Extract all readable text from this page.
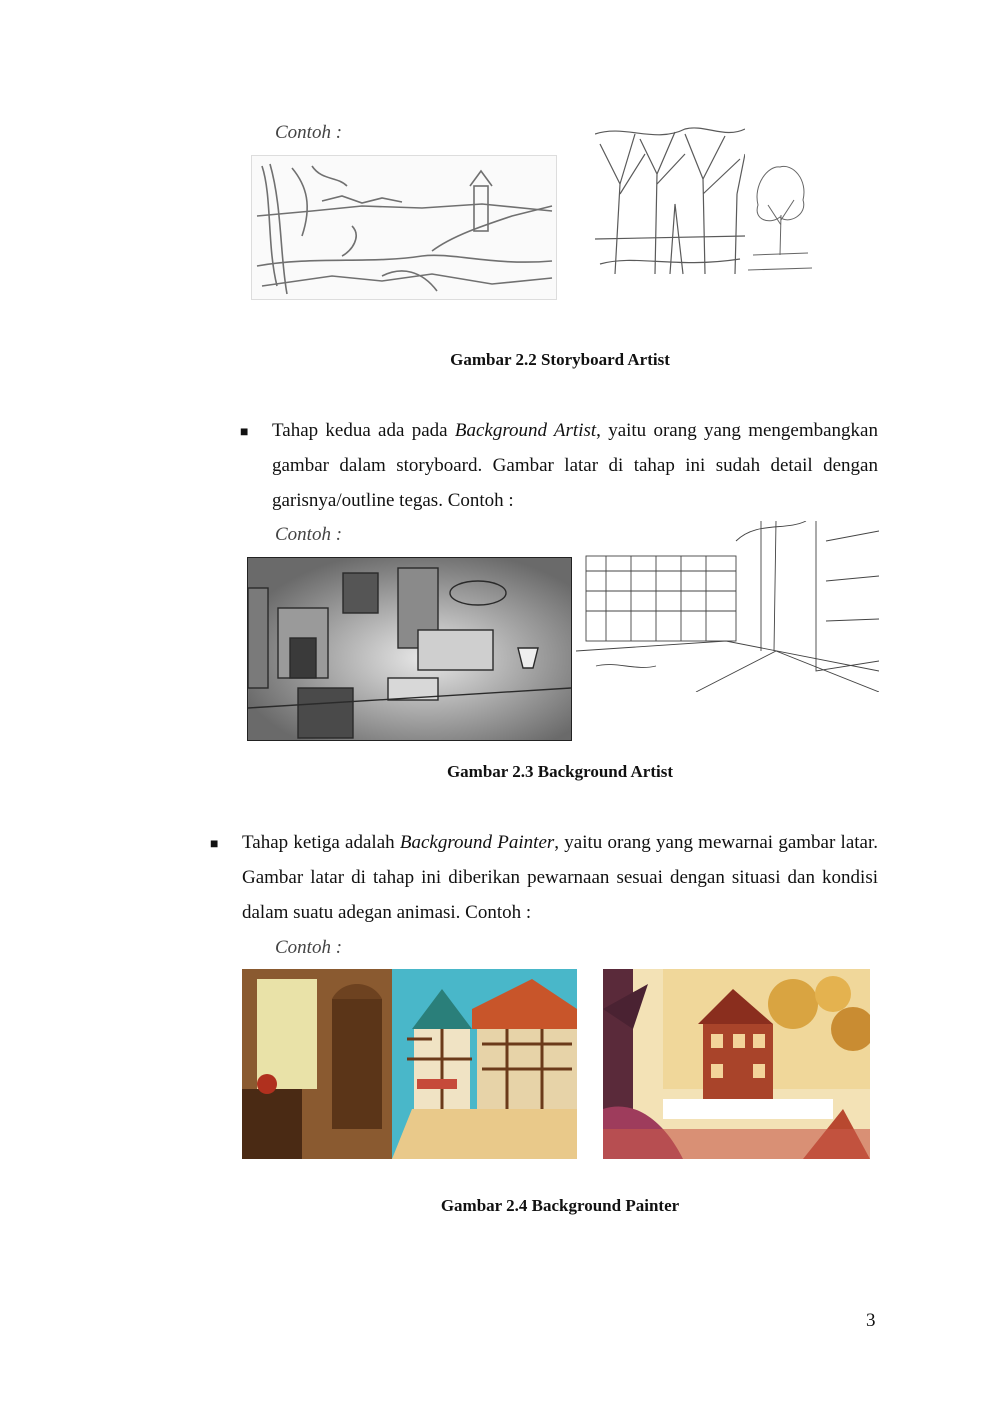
Contoh :
Gambar 2.2 Storyboard Artist
■ Tahap kedua ada pada Background Artist, yaitu orang yang mengembangkan gambar dalam storyboard. Gambar latar di tahap ini sudah detail dengan garisnya/outline tegas. Contoh :
Contoh :
Gambar 2.3 Background Artist
■ Tahap ketiga adalah Background Painter, yaitu orang yang mewarnai gambar latar. Gambar latar di tahap ini diberikan pewarnaan sesuai dengan situasi dan kondisi dalam suatu adegan animasi. Contoh :
Contoh :
Gambar 2.4 Background Painter
3
